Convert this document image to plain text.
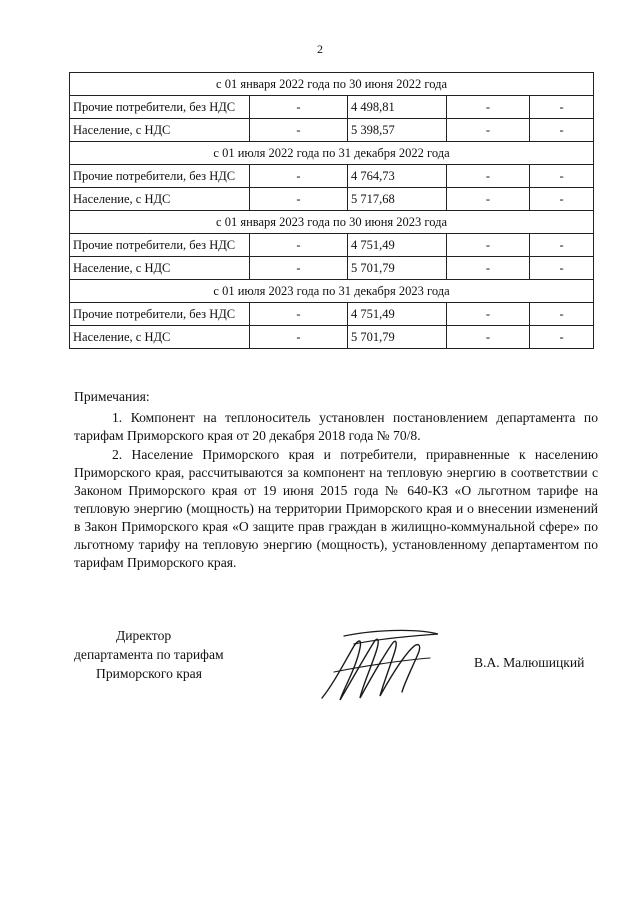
2
с 01 января 2022 года по 30 июня 2022 года				
Прочие потребители, без НДС	-	4 498,81	-	-
Население, с НДС	-	5 398,57	-	-
с 01 июля 2022 года по 31 декабря 2022 года				
Прочие потребители, без НДС	-	4 764,73	-	-
Население, с НДС	-	5 717,68	-	-
с 01 января 2023 года по 30 июня 2023 года				
Прочие потребители, без НДС	-	4 751,49	-	-
Население, с НДС	-	5 701,79	-	-
с 01 июля 2023 года по 31 декабря 2023 года				
Прочие потребители, без НДС	-	4 751,49	-	-
Население, с НДС	-	5 701,79	-	-

Примечания:

1. Компонент на теплоноситель установлен постановлением департамента по тарифам Приморского края от 20 декабря 2018 года № 70/8.

2. Население Приморского края и потребители, приравненные к населению Приморского края, рассчитываются за компонент на тепловую энергию в соответствии с Законом Приморского края от 19 июня 2015 года № 640-КЗ «О льготном тарифе на тепловую энергию (мощность) на территории Приморского края и о внесении изменений в Закон Приморского края «О защите прав граждан в жилищно-коммунальной сфере» по льготному тарифу на тепловую энергию (мощность), установленному департаментом по тарифам Приморского края.

Директор
департамента по тарифам
Приморского края
В.А. Малюшицкий
